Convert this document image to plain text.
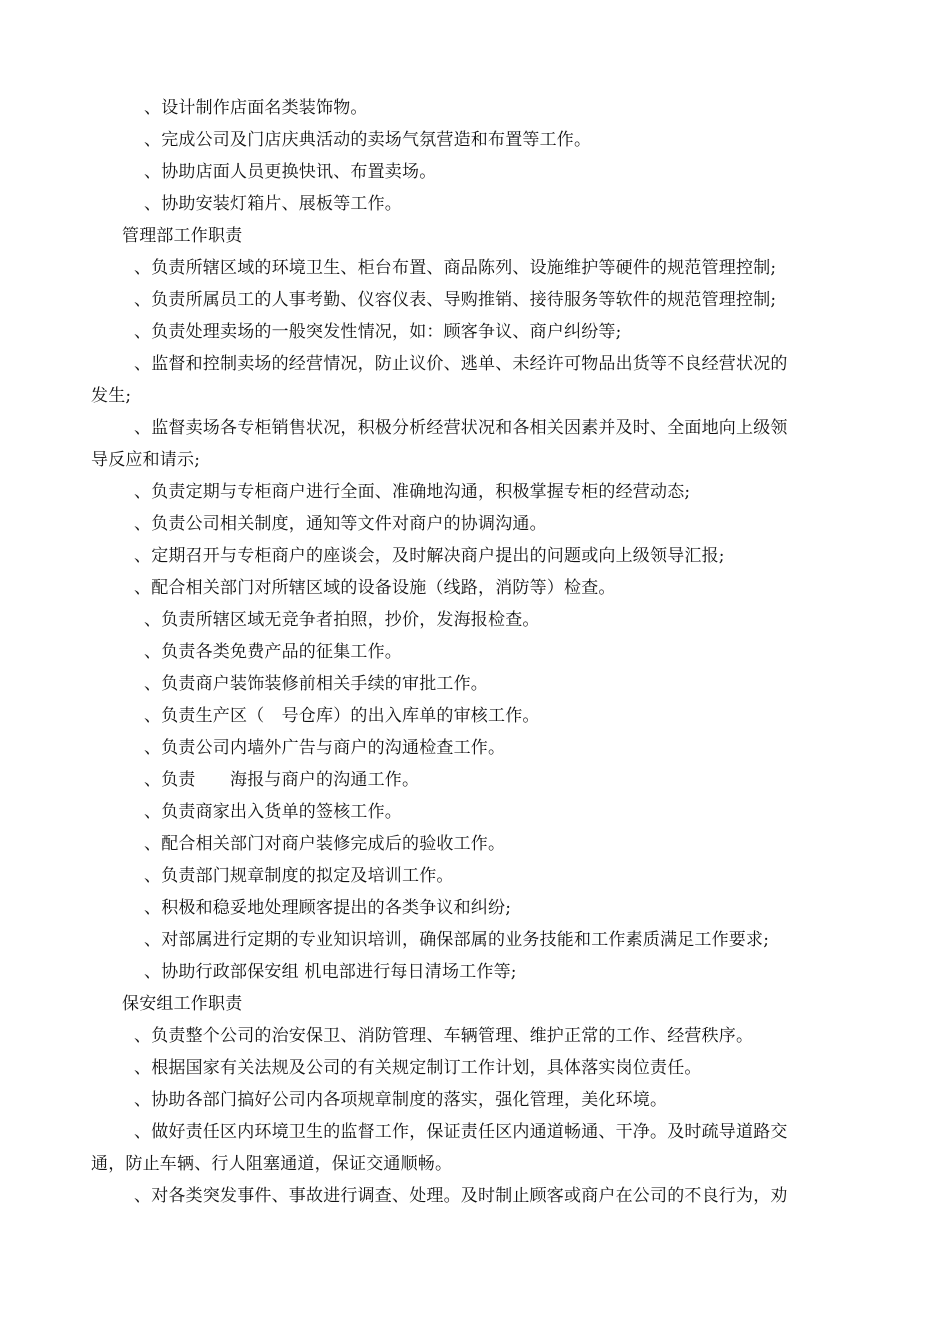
、设计制作店面名类装饰物。
、完成公司及门店庆典活动的卖场气氛营造和布置等工作。
、协助店面人员更换快讯、布置卖场。
、协助安装灯箱片、展板等工作。
管理部工作职责
、负责所辖区域的环境卫生、柜台布置、商品陈列、设施维护等硬件的规范管理控制;
、负责所属员工的人事考勤、仪容仪表、导购推销、接待服务等软件的规范管理控制;
、负责处理卖场的一般突发性情况，如：顾客争议、商户纠纷等;
、监督和控制卖场的经营情况，防止议价、逃单、未经许可物品出货等不良经营状况的
发生;
、监督卖场各专柜销售状况，积极分析经营状况和各相关因素并及时、全面地向上级领
导反应和请示;
、负责定期与专柜商户进行全面、准确地沟通，积极掌握专柜的经营动态;
、负责公司相关制度，通知等文件对商户的协调沟通。
、定期召开与专柜商户的座谈会，及时解决商户提出的问题或向上级领导汇报;
、配合相关部门对所辖区域的设备设施（线路，消防等）检查。
、负责所辖区域无竞争者拍照，抄价，发海报检查。
、负责各类免费产品的征集工作。
、负责商户装饰装修前相关手续的审批工作。
、负责生产区（　号仓库）的出入库单的审核工作。
、负责公司内墙外广告与商户的沟通检查工作。
、负责　　海报与商户的沟通工作。
、负责商家出入货单的签核工作。
、配合相关部门对商户装修完成后的验收工作。
、负责部门规章制度的拟定及培训工作。
、积极和稳妥地处理顾客提出的各类争议和纠纷;
、对部属进行定期的专业知识培训，确保部属的业务技能和工作素质满足工作要求;
、协助行政部保安组 机电部进行每日清场工作等;
保安组工作职责
、负责整个公司的治安保卫、消防管理、车辆管理、维护正常的工作、经营秩序。
、根据国家有关法规及公司的有关规定制订工作计划，具体落实岗位责任。
、协助各部门搞好公司内各项规章制度的落实，强化管理，美化环境。
、做好责任区内环境卫生的监督工作，保证责任区内通道畅通、干净。及时疏导道路交
通，防止车辆、行人阻塞通道，保证交通顺畅。
、对各类突发事件、事故进行调查、处理。及时制止顾客或商户在公司的不良行为，劝
